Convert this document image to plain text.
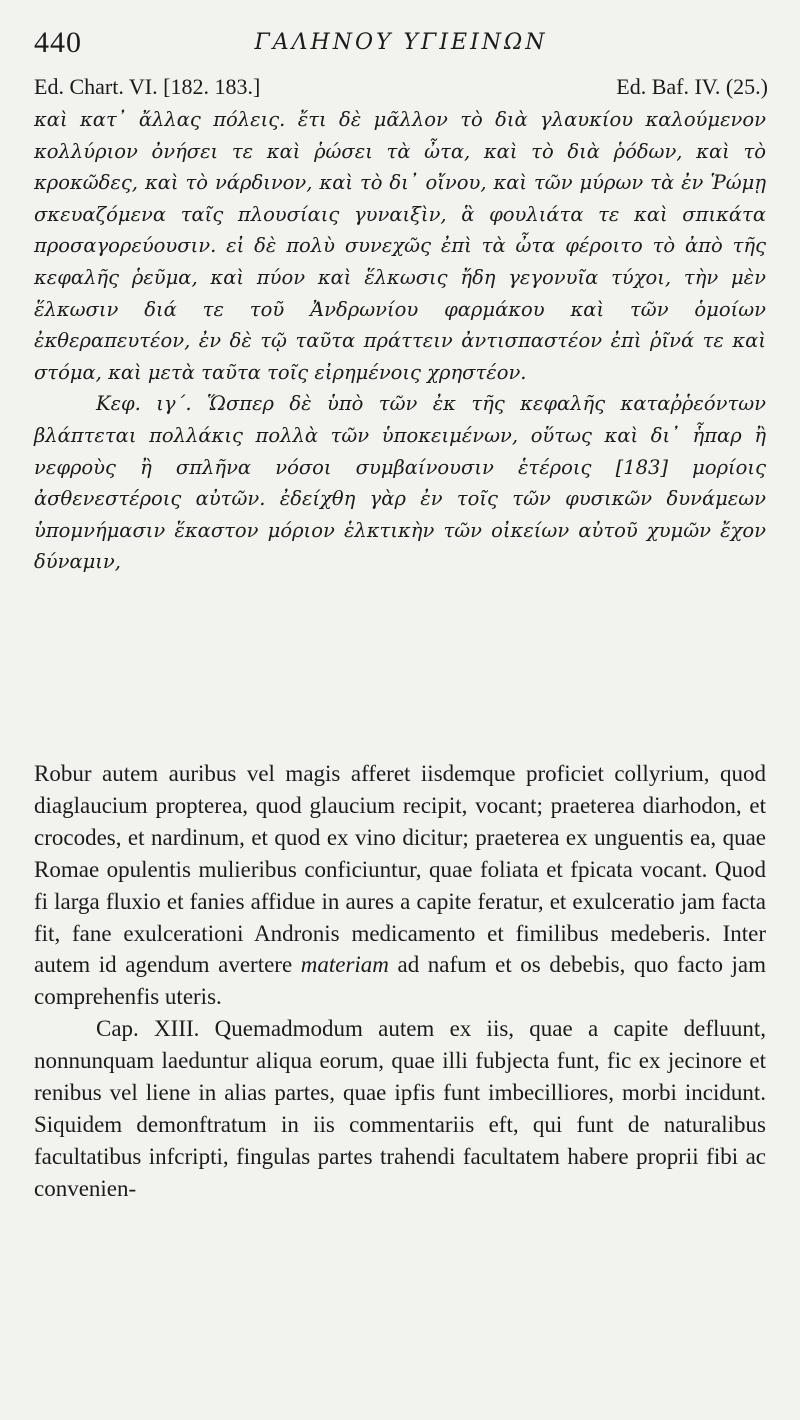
440	ΓΑΛΗΝΟΥ ΥΓΙΕΙΝΩΝ
Ed. Chart. VI. [182. 183.]	Ed. Baf. IV. (25.)

καὶ κατ᾿ ἄλλας πόλεις. ἔτι δὲ μᾶλλον τὸ διὰ γλαυκίου καλούμενον κολλύριον ὀνήσει τε καὶ ῥώσει τὰ ὦτα, καὶ τὸ διὰ ῥόδων, καὶ τὸ κροκῶδες, καὶ τὸ νάρδινον, καὶ τὸ δι᾿ οἴνου, καὶ τῶν μύρων τὰ ἐν Ῥώμῃ σκευαζόμενα ταῖς πλουσίαις γυναιξὶν, ἃ φουλιάτα τε καὶ σπικάτα προσαγορεύουσιν. εἰ δὲ πολὺ συνεχῶς ἐπὶ τὰ ὦτα φέροιτο τὸ ἀπὸ τῆς κεφαλῆς ῥεῦμα, καὶ πύον καὶ ἕλκωσις ἤδη γεγονυῖα τύχοι, τὴν μὲν ἕλκωσιν διά τε τοῦ Ἀνδρωνίου φαρμάκου καὶ τῶν ὁμοίων ἐκθεραπευτέον, ἐν δὲ τῷ ταῦτα πράττειν ἀντισπαστέον ἐπὶ ῥῖνά τε καὶ στόμα, καὶ μετὰ ταῦτα τοῖς εἰρημένοις χρηστέον.

Κεφ. ιγ΄. Ὥσπερ δὲ ὑπὸ τῶν ἐκ τῆς κεφαλῆς καταῤῥεόντων βλάπτεται πολλάκις πολλὰ τῶν ὑποκειμένων, οὕτως καὶ δι᾿ ἧπαρ ἢ νεφροὺς ἢ σπλῆνα νόσοι συμβαίνουσιν ἑτέροις [183] μορίοις ἀσθενεστέροις αὐτῶν. ἐδείχθη γὰρ ἐν τοῖς τῶν φυσικῶν δυνάμεων ὑπομνήμασιν ἕκαστον μόριον ἑλκτικὴν τῶν οἰκείων αὐτοῦ χυμῶν ἔχον δύναμιν,

Robur autem auribus vel magis afferet iisdemque proficiet collyrium, quod diaglaucium propterea, quod glaucium recipit, vocant; praeterea diarhodon, et crocodes, et nardinum, et quod ex vino dicitur; praeterea ex unguentis ea, quae Romae opulentis mulieribus conficiuntur, quae foliata et fpicata vocant. Quod fi larga fluxio et fanies affidue in aures a capite feratur, et exulceratio jam facta fit, fane exulcerationi Andronis medicamento et fimilibus medeberis. Inter autem id agendum avertere materiam ad nafum et os debebis, quo facto jam comprehenfis uteris.

Cap. XIII. Quemadmodum autem ex iis, quae a capite defluunt, nonnunquam laeduntur aliqua eorum, quae illi fubjecta funt, fic ex jecinore et renibus vel liene in alias partes, quae ipfis funt imbecilliores, morbi incidunt. Siquidem demonftratum in iis commentariis eft, qui funt de naturalibus facultatibus infcripti, fingulas partes trahendi facultatem habere proprii fibi ac convenien-
